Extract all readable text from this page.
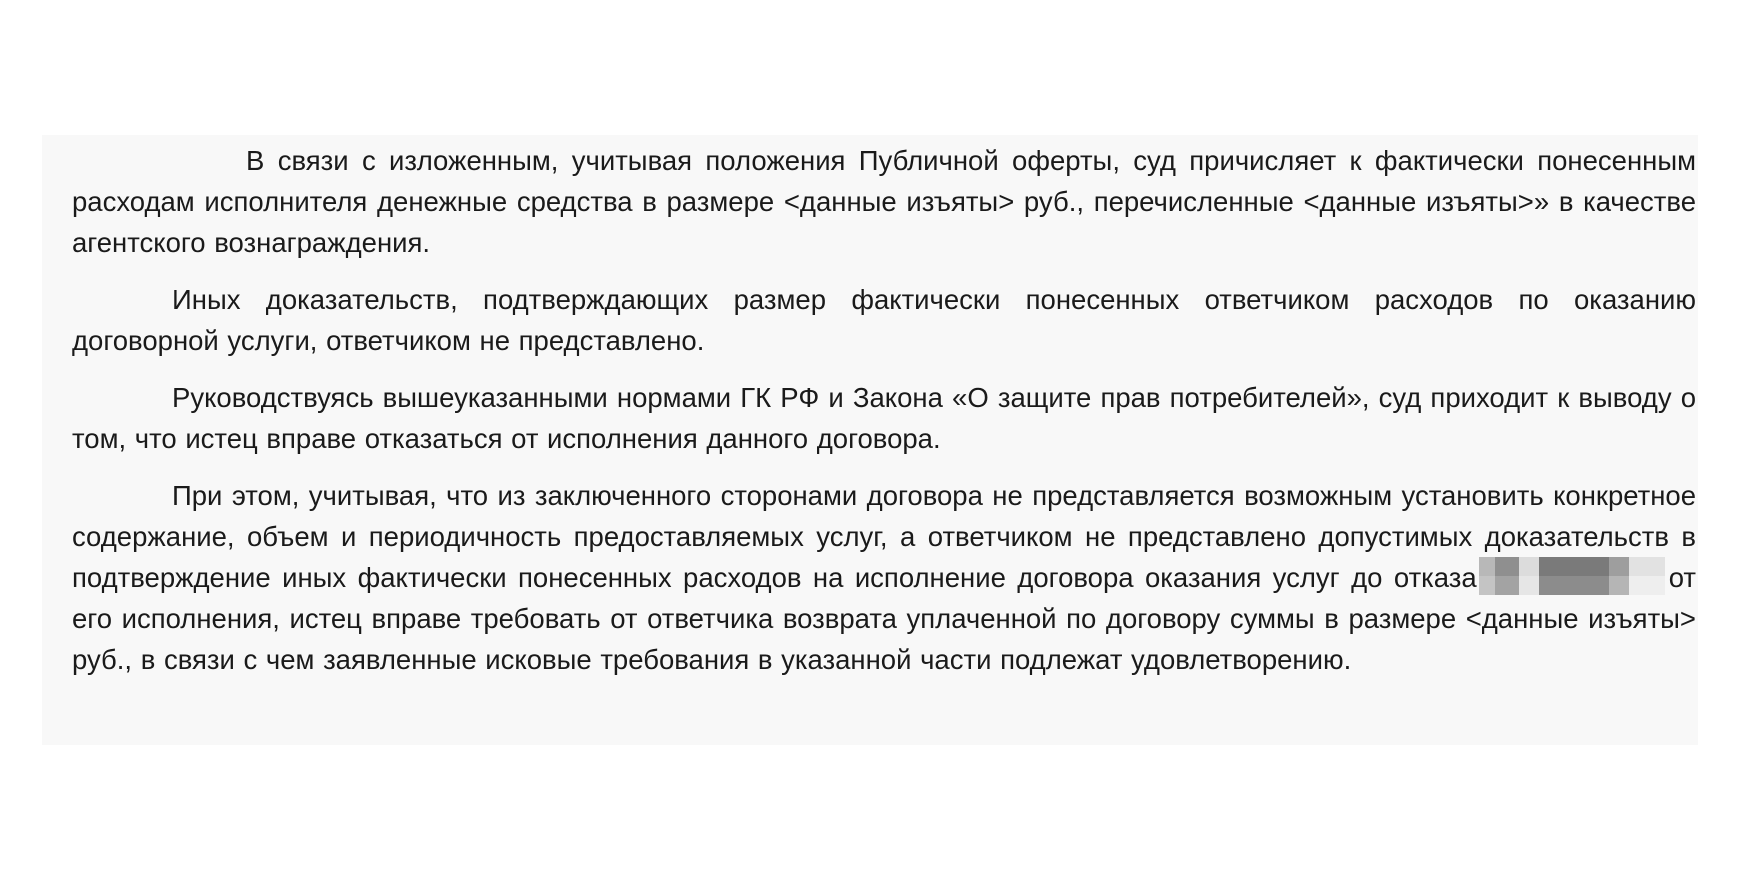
В связи с изложенным, учитывая положения Публичной оферты, суд причисляет к фактически понесенным расходам исполнителя денежные средства в размере <данные изъяты> руб., перечисленные <данные изъяты>» в качестве агентского вознаграждения.

Иных доказательств, подтверждающих размер фактически понесенных ответчиком расходов по оказанию договорной услуги, ответчиком не представлено.

Руководствуясь вышеуказанными нормами ГК РФ и Закона «О защите прав потребителей», суд приходит к выводу о том, что истец вправе отказаться от исполнения данного договора.

При этом, учитывая, что из заключенного сторонами договора не представляется возможным установить конкретное содержание, объем и периодичность предоставляемых услуг, а ответчиком не представлено допустимых доказательств в подтверждение иных фактически понесенных расходов на исполнение договора оказания услуг до отказа	от его исполнения, истец вправе требовать от ответчика возврата уплаченной по договору суммы в размере <данные изъяты> руб., в связи с чем заявленные исковые требования в указанной части подлежат удовлетворению.
